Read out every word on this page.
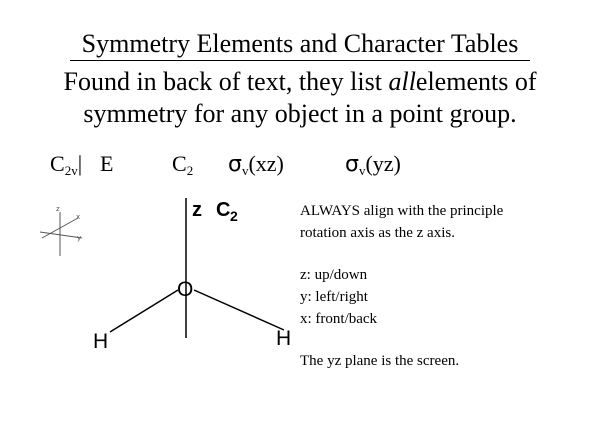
Symmetry Elements and Character Tables
Found in back of text, they list allelements of
symmetry for any object in a point group.
$C_{2v}|$ E	$C_2$ $\sigma_v(xz)$	$\sigma_v(yz)$
z
x
y
z C 2
O
H	H

ALWAYS align with the principle

rotation axis as the z axis.

z: up/down

y: left/right

x: front/back

The yz plane is the screen.
